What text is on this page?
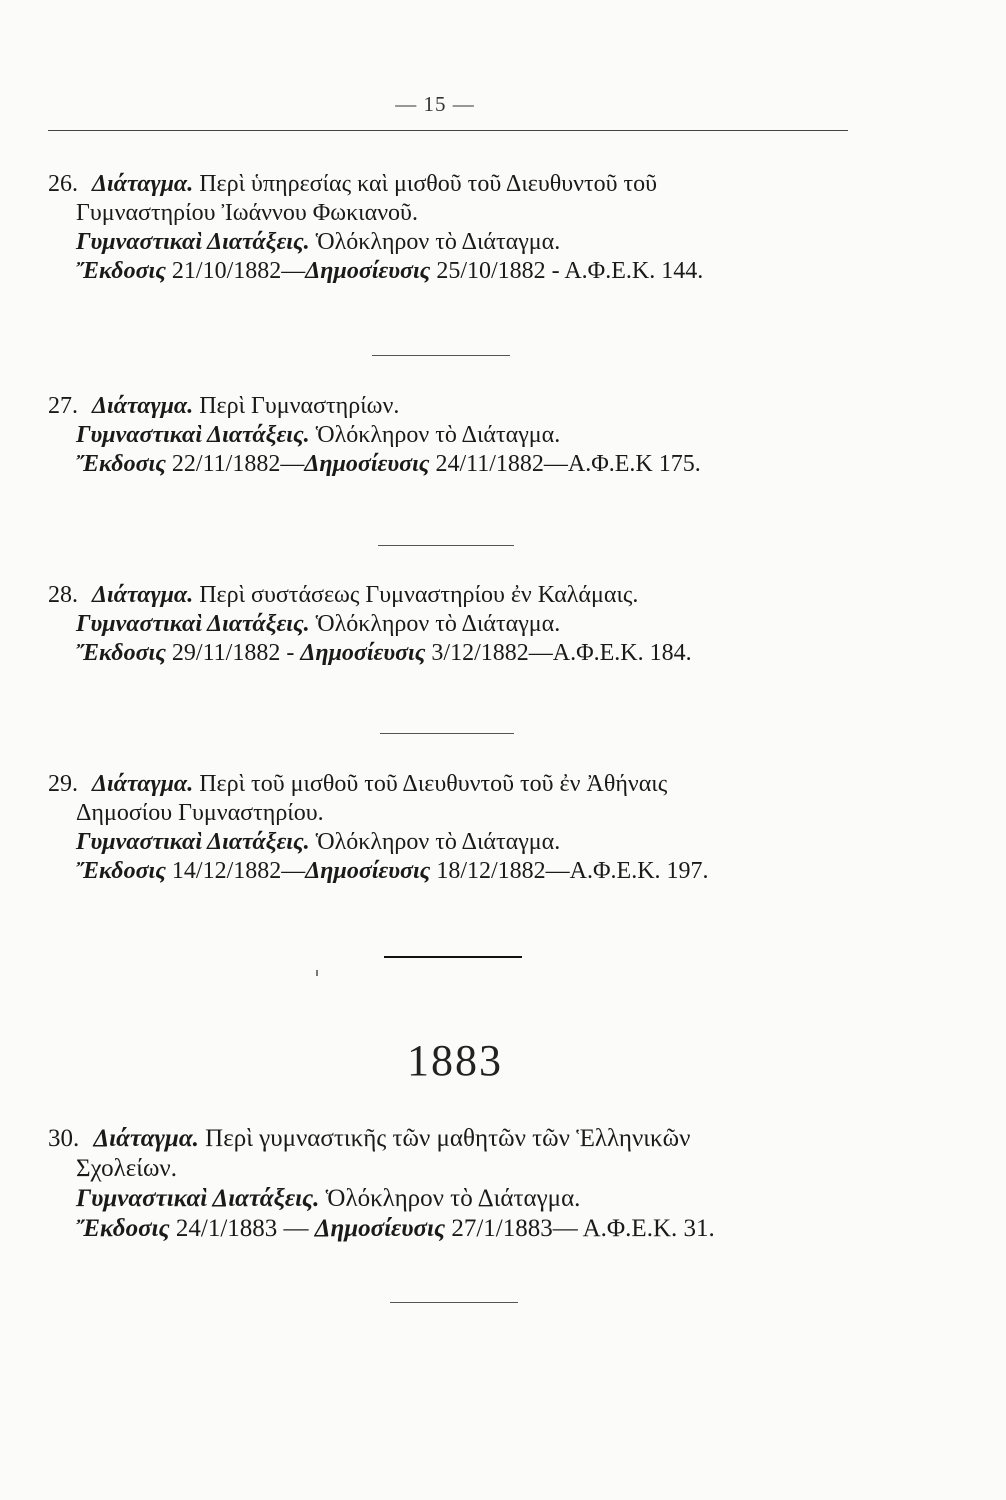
— 15 —
26. Διάταγμα. Περὶ ὑπηρεσίας καὶ μισθοῦ τοῦ Διευθυντοῦ τοῦ
Γυμναστηρίου Ἰωάννου Φωκιανοῦ.
Γυμναστικαὶ Διατάξεις. Ὁλόκληρον τὸ Διάταγμα.
Ἔκδοσις 21/10/1882—Δημοσίευσις 25/10/1882 - Α.Φ.Ε.Κ. 144.
27. Διάταγμα. Περὶ Γυμναστηρίων.
Γυμναστικαὶ Διατάξεις. Ὁλόκληρον τὸ Διάταγμα.
Ἔκδοσις 22/11/1882—Δημοσίευσις 24/11/1882—Α.Φ.Ε.Κ 175.
28. Διάταγμα. Περὶ συστάσεως Γυμναστηρίου ἐν Καλάμαις.
Γυμναστικαὶ Διατάξεις. Ὁλόκληρον τὸ Διάταγμα.
Ἔκδοσις 29/11/1882 - Δημοσίευσις 3/12/1882—Α.Φ.Ε.Κ. 184.
29. Διάταγμα. Περὶ τοῦ μισθοῦ τοῦ Διευθυντοῦ τοῦ ἐν Ἀθήναις
Δημοσίου Γυμναστηρίου.
Γυμναστικαὶ Διατάξεις. Ὁλόκληρον τὸ Διάταγμα.
Ἔκδοσις 14/12/1882—Δημοσίευσις 18/12/1882—Α.Φ.Ε.Κ. 197.
1883
30. Διάταγμα. Περὶ γυμναστικῆς τῶν μαθητῶν τῶν Ἑλληνικῶν
Σχολείων.
Γυμναστικαὶ Διατάξεις. Ὁλόκληρον τὸ Διάταγμα.
Ἔκδοσις 24/1/1883 — Δημοσίευσις 27/1/1883— Α.Φ.Ε.Κ. 31.
